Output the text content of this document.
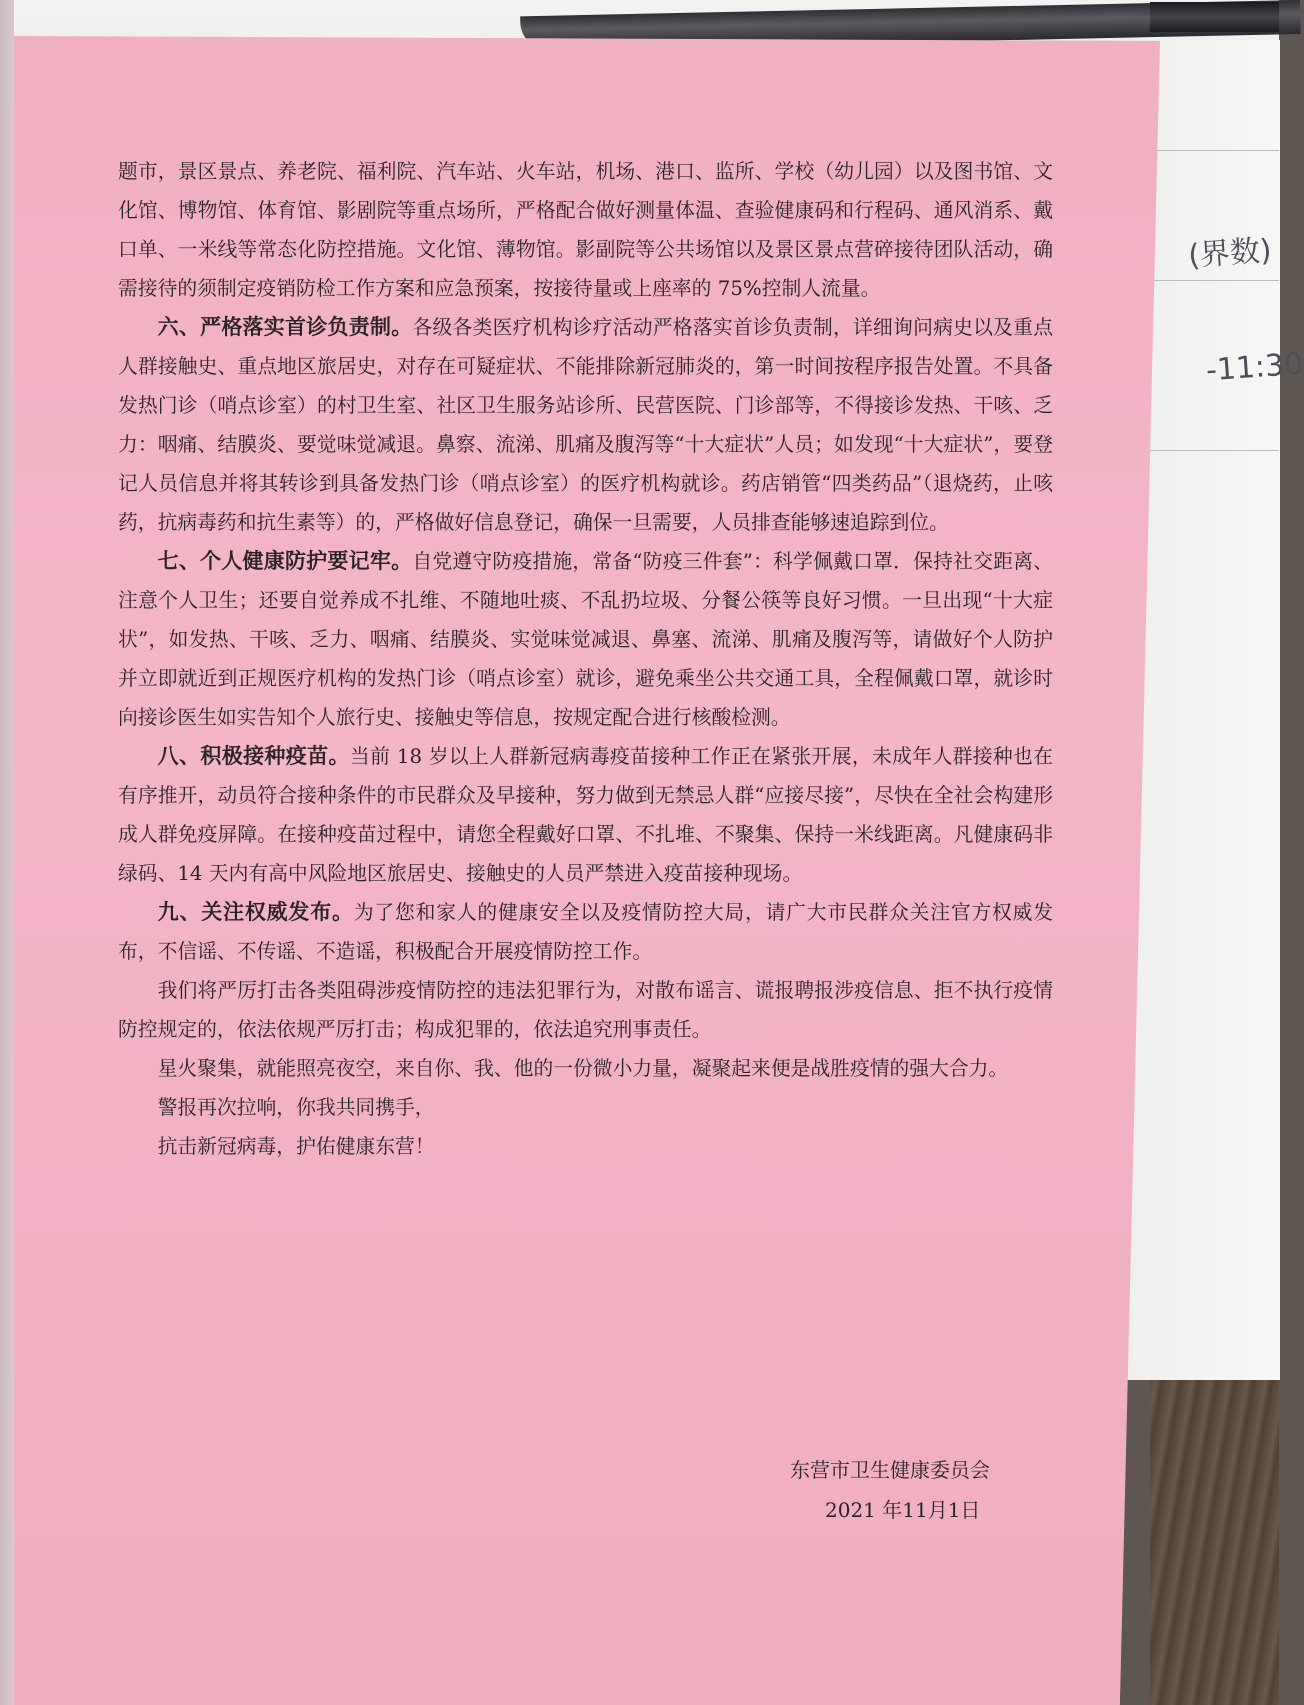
(界数)
-11:30

题市，景区景点、养老院、福利院、汽车站、火车站，机场、港口、监所、学校（幼儿园）以及图书馆、文化馆、博物馆、体育馆、影剧院等重点场所，严格配合做好测量体温、查验健康码和行程码、通风消系、戴口单、一米线等常态化防控措施。文化馆、薄物馆。影副院等公共场馆以及景区景点营碎接待团队活动，确需接待的须制定疫销防检工作方案和应急预案，按接待量或上座率的 75%控制人流量。

六、严格落实首诊负责制。各级各类医疗机构诊疗活动严格落实首诊负责制，详细询问病史以及重点人群接触史、重点地区旅居史，对存在可疑症状、不能排除新冠肺炎的，第一时间按程序报告处置。不具备发热门诊（哨点诊室）的村卫生室、社区卫生服务站诊所、民营医院、门诊部等，不得接诊发热、干咳、乏力：咽痛、结膜炎、要觉味觉减退。鼻察、流涕、肌痛及腹泻等“十大症状”人员；如发现“十大症状”，要登记人员信息并将其转诊到具备发热门诊（哨点诊室）的医疗机构就诊。药店销管“四类药品”（退烧药，止咳药，抗病毒药和抗生素等）的，严格做好信息登记，确保一旦需要，人员排查能够速追踪到位。

七、个人健康防护要记牢。自党遵守防疫措施，常备“防疫三件套”：科学佩戴口罩．保持社交距离、注意个人卫生；还要自觉养成不扎维、不随地吐痰、不乱扔垃圾、分餐公筷等良好习惯。一旦出现“十大症状”，如发热、干咳、乏力、咽痛、结膜炎、实觉味觉减退、鼻塞、流涕、肌痛及腹泻等，请做好个人防护并立即就近到正规医疗机构的发热门诊（哨点诊室）就诊，避免乘坐公共交通工具，全程佩戴口罩，就诊时向接诊医生如实告知个人旅行史、接触史等信息，按规定配合进行核酸检测。

八、积极接种疫苗。当前 18 岁以上人群新冠病毒疫苗接种工作正在紧张开展，未成年人群接种也在有序推开，动员符合接种条件的市民群众及早接种，努力做到无禁忌人群“应接尽接”，尽快在全社会构建形成人群免疫屏障。在接种疫苗过程中，请您全程戴好口罩、不扎堆、不聚集、保持一米线距离。凡健康码非绿码、14 天内有高中风险地区旅居史、接触史的人员严禁进入疫苗接种现场。

九、关注权威发布。为了您和家人的健康安全以及疫情防控大局，请广大市民群众关注官方权威发布，不信谣、不传谣、不造谣，积极配合开展疫情防控工作。

我们将严厉打击各类阻碍涉疫情防控的违法犯罪行为，对散布谣言、谎报聘报涉疫信息、拒不执行疫情防控规定的，依法依规严厉打击；构成犯罪的，依法追究刑事责任。

星火聚集，就能照亮夜空，来自你、我、他的一份微小力量，凝聚起来便是战胜疫情的强大合力。

警报再次拉响，你我共同携手，

抗击新冠病毒，护佑健康东营！

东营市卫生健康委员会
2021 年11月1日
